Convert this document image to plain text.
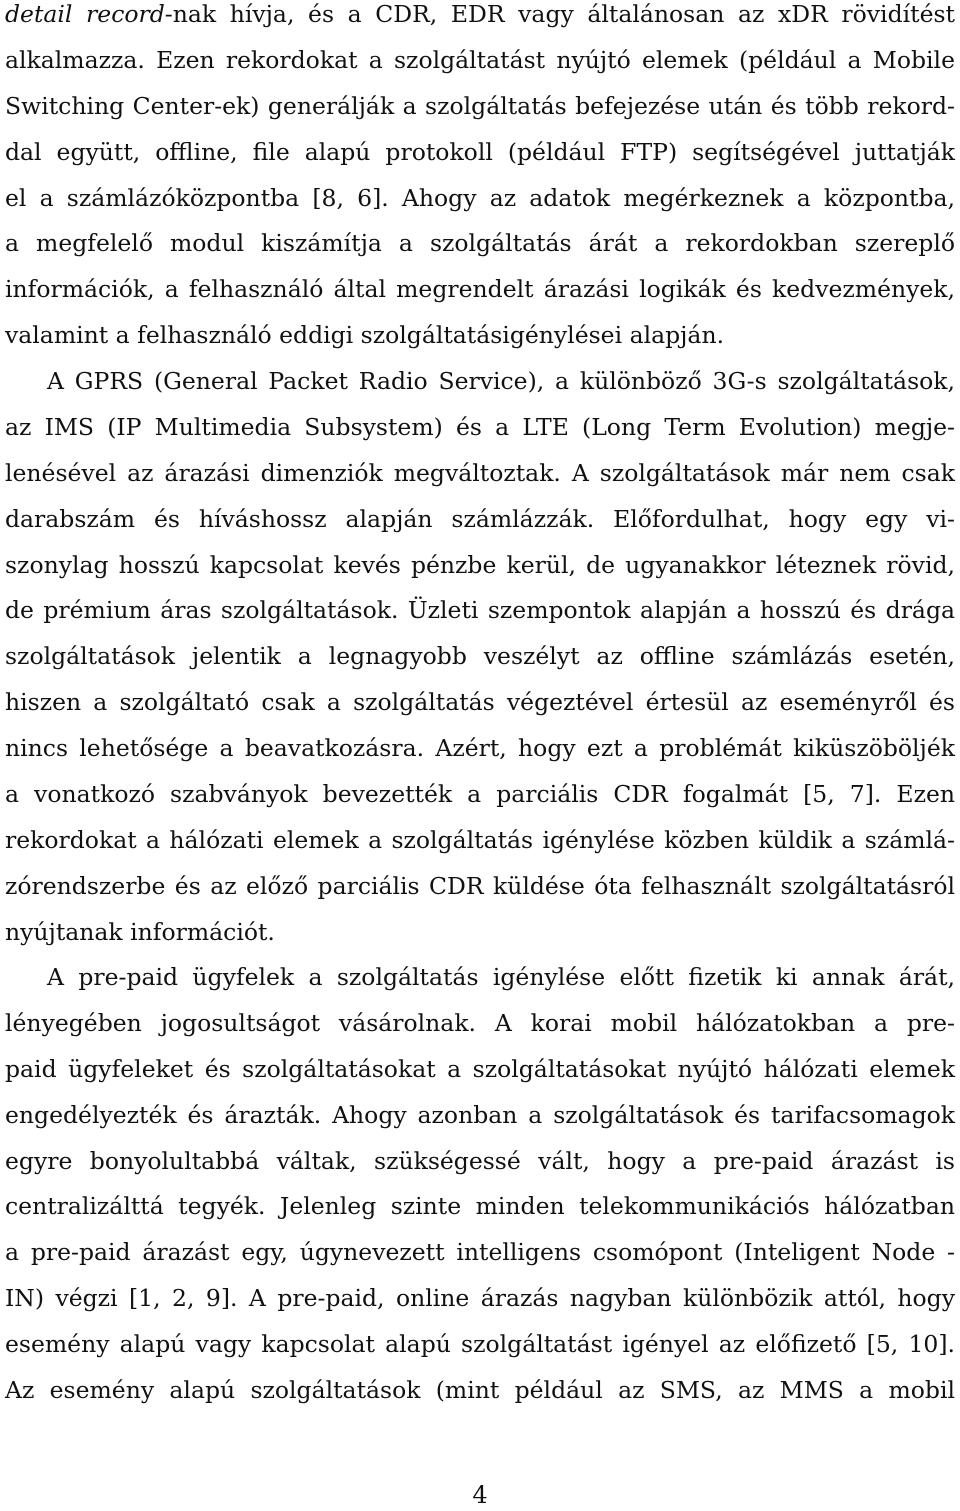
detail record-nak hívja, és a CDR, EDR vagy általánosan az xDR rövidítést
alkalmazza. Ezen rekordokat a szolgáltatást nyújtó elemek (például a Mobile
Switching Center-ek) generálják a szolgáltatás befejezése után és több rekord-
dal együtt, offline, file alapú protokoll (például FTP) segítségével juttatják
el a számlázóközpontba [8, 6]. Ahogy az adatok megérkeznek a központba,
a megfelelő modul kiszámítja a szolgáltatás árát a rekordokban szereplő
információk, a felhasználó által megrendelt árazási logikák és kedvezmények,
valamint a felhasználó eddigi szolgáltatásigénylései alapján.
A GPRS (General Packet Radio Service), a különböző 3G-s szolgáltatások,
az IMS (IP Multimedia Subsystem) és a LTE (Long Term Evolution) megje-
lenésével az árazási dimenziók megváltoztak. A szolgáltatások már nem csak
darabszám és híváshossz alapján számlázzák. Előfordulhat, hogy egy vi-
szonylag hosszú kapcsolat kevés pénzbe kerül, de ugyanakkor léteznek rövid,
de prémium áras szolgáltatások. Üzleti szempontok alapján a hosszú és drága
szolgáltatások jelentik a legnagyobb veszélyt az offline számlázás esetén,
hiszen a szolgáltató csak a szolgáltatás végeztével értesül az eseményről és
nincs lehetősége a beavatkozásra. Azért, hogy ezt a problémát kiküszöböljék
a vonatkozó szabványok bevezették a parciális CDR fogalmát [5, 7]. Ezen
rekordokat a hálózati elemek a szolgáltatás igénylése közben küldik a számlá-
zórendszerbe és az előző parciális CDR küldése óta felhasznált szolgáltatásról
nyújtanak információt.
A pre-paid ügyfelek a szolgáltatás igénylése előtt fizetik ki annak árát,
lényegében jogosultságot vásárolnak. A korai mobil hálózatokban a pre-
paid ügyfeleket és szolgáltatásokat a szolgáltatásokat nyújtó hálózati elemek
engedélyezték és árazták. Ahogy azonban a szolgáltatások és tarifacsomagok
egyre bonyolultabbá váltak, szükségessé vált, hogy a pre-paid árazást is
centralizálttá tegyék. Jelenleg szinte minden telekommunikációs hálózatban
a pre-paid árazást egy, úgynevezett intelligens csomópont (Inteligent Node -
IN) végzi [1, 2, 9]. A pre-paid, online árazás nagyban különbözik attól, hogy
esemény alapú vagy kapcsolat alapú szolgáltatást igényel az előfizető [5, 10].
Az esemény alapú szolgáltatások (mint például az SMS, az MMS a mobil
4
